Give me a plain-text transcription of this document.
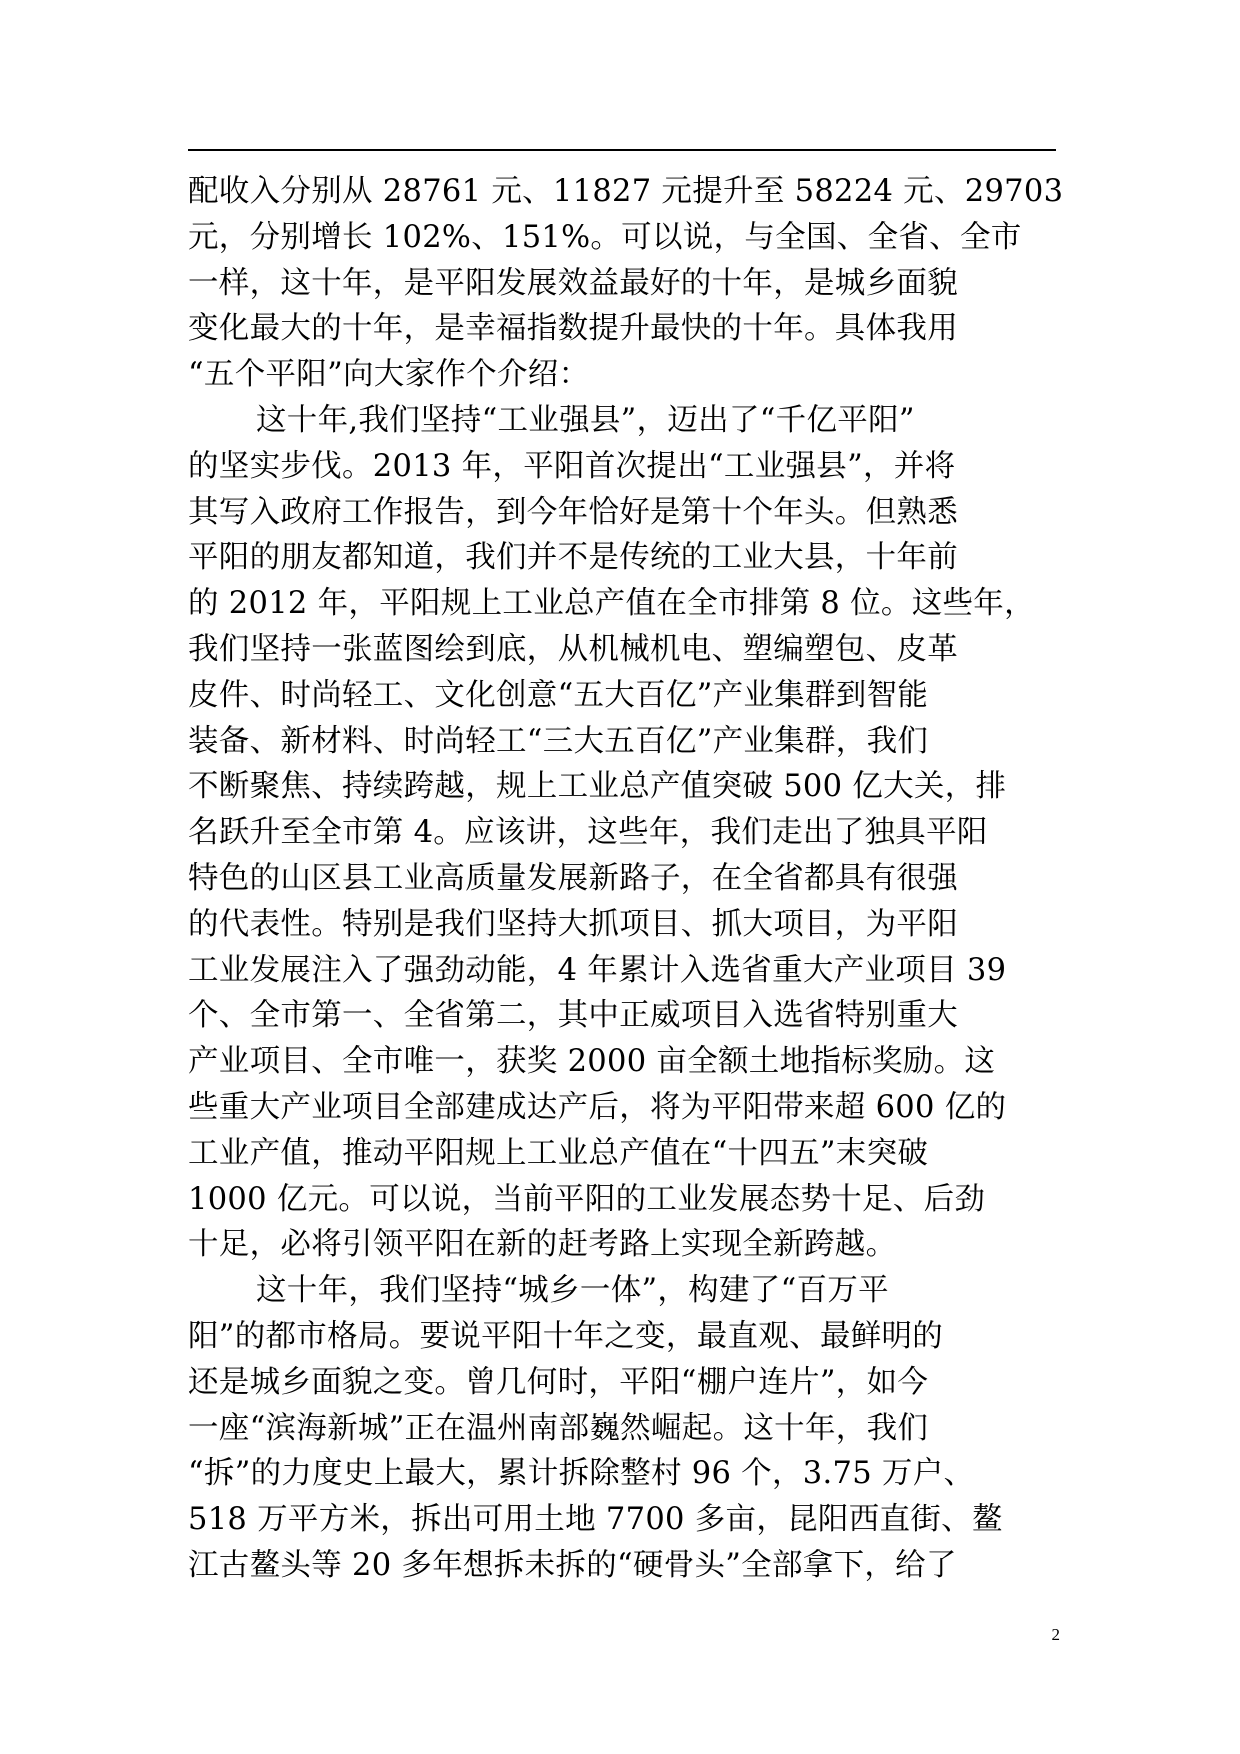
配收入分别从 28761 元、11827 元提升至 58224 元、29703
元，分别增长 102%、151%。可以说，与全国、全省、全市
一样，这十年，是平阳发展效益最好的十年，是城乡面貌
变化最大的十年，是幸福指数提升最快的十年。具体我用
“五个平阳”向大家作个介绍：
这十年,我们坚持“工业强县”，迈出了“千亿平阳”
的坚实步伐。2013 年，平阳首次提出“工业强县”，并将
其写入政府工作报告，到今年恰好是第十个年头。但熟悉
平阳的朋友都知道，我们并不是传统的工业大县，十年前
的 2012 年，平阳规上工业总产值在全市排第 8 位。这些年，
我们坚持一张蓝图绘到底，从机械机电、塑编塑包、皮革
皮件、时尚轻工、文化创意“五大百亿”产业集群到智能
装备、新材料、时尚轻工“三大五百亿”产业集群，我们
不断聚焦、持续跨越，规上工业总产值突破 500 亿大关，排
名跃升至全市第 4。应该讲，这些年，我们走出了独具平阳
特色的山区县工业高质量发展新路子，在全省都具有很强
的代表性。特别是我们坚持大抓项目、抓大项目，为平阳
工业发展注入了强劲动能，4 年累计入选省重大产业项目 39
个、全市第一、全省第二，其中正威项目入选省特别重大
产业项目、全市唯一，获奖 2000 亩全额土地指标奖励。这
些重大产业项目全部建成达产后，将为平阳带来超 600 亿的
工业产值，推动平阳规上工业总产值在“十四五”末突破
1000 亿元。可以说，当前平阳的工业发展态势十足、后劲
十足，必将引领平阳在新的赶考路上实现全新跨越。
这十年，我们坚持“城乡一体”，构建了“百万平
阳”的都市格局。要说平阳十年之变，最直观、最鲜明的
还是城乡面貌之变。曾几何时，平阳“棚户连片”，如今
一座“滨海新城”正在温州南部巍然崛起。这十年，我们
“拆”的力度史上最大，累计拆除整村 96 个，3.75 万户、
518 万平方米，拆出可用土地 7700 多亩，昆阳西直街、鳌
江古鳌头等 20 多年想拆未拆的“硬骨头”全部拿下，给了
2
